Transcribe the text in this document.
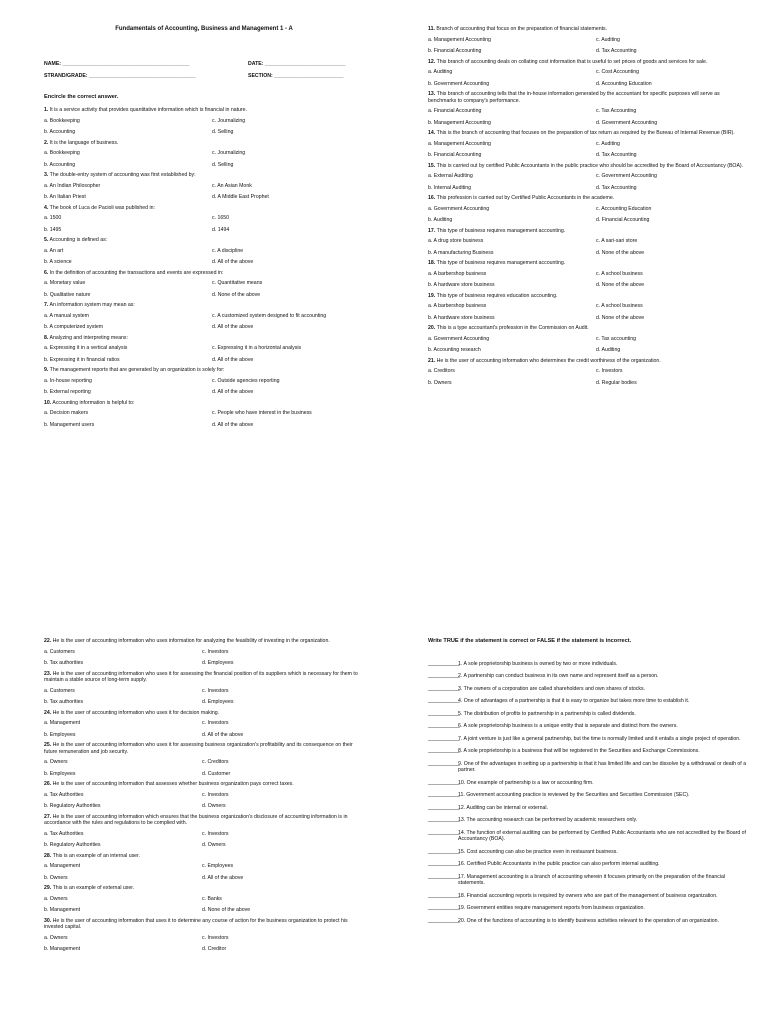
Fundamentals of Accounting, Business and Management 1 - A
NAME: ____________________________________________	DATE: ____________________________
STRAND/GRADE: _____________________________________	SECTION: ________________________
Encircle the correct answer.
1. It is a service activity that provides quantitative information which is financial in nature.
a. Bookkeeping	c. Journalizing
b. Accounting	d. Selling
2. It is the language of business.
a. Bookkeeping	c. Journalizing
b. Accounting	d. Selling
3. The double-entry system of accounting was first established by:
a. An Indian Philosopher	c. An Asian Monk
b. An Italian Priest	d. A Middle East Prophet
4. The book of Luca de Pacioli was published in:
a. 1500	c. 1650
b. 1495	d. 1494
5. Accounting is defined as:
a. An art	c. A discipline
b. A science	d. All of the above
6. In the definition of accounting the transactions and events are expressed in:
a. Monetary value	c. Quantitative means
b. Qualitative nature	d. None of the above
7. An information system may mean as:
a. A manual system	c. A customized system designed to fit accounting
b. A computerized system	d. All of the above
8. Analyzing and interpreting means:
a. Expressing it in a vertical analysis	c. Expressing it in a horizontal analysis
b. Expressing it in financial ratios	d. All of the above
9. The management reports that are generated by an organization is solely for:
a. In-house reporting	c. Outside agencies reporting
b. External reporting	d. All of the above
10. Accounting information is helpful to:
a. Decision makers	c. People who have interest in the business
b. Management users	d. All of the above
11. Branch of accounting that focus on the preparation of financial statements.
a. Management Accounting	c. Auditing
b. Financial Accounting	d. Tax Accounting
12. This branch of accounting deals on collating cost information that is useful to set prices of goods and services for sale.
a. Auditing	c. Cost Accounting
b. Government Accounting	d. Accounting Education
13. This branch of accounting tells that the in-house information generated by the accountant for specific purposes will serve as benchmarks to company's performance.
a. Financial Accounting	c. Tax Accounting
b. Management Accounting	d. Government Accounting
14. This is the branch of accounting that focuses on the preparation of tax return as required by the Bureau of Internal Revenue (BIR).
a. Management Accounting	c. Auditing
b. Financial Accounting	d. Tax Accounting
15. This is carried out by certified Public Accountants in the public practice who should be accredited by the Board of Accountancy (BOA).
a. External Auditing	c. Government Accounting
b. Internal Auditing	d. Tax Accounting
16. This profession is carried out by Certified Public Accountants in the academe.
a. Government Accounting	c. Accounting Education
b. Auditing	d. Financial Accounting
17. This type of business requires management accounting.
a. A drug store business	c. A sari-sari store
b. A manufacturing Business	d. None of the above
18. This type of business requires management accounting.
a. A barbershop business	c. A school business
b. A hardware store business	d. None of the above
19. This type of business requires education accounting.
a. A barbershop business	c. A school business
b. A hardware store business	d. None of the above
20. This is a type accountant's profession in the Commission on Audit.
a. Government Accounting	c. Tax accounting
b. Accounting research	d. Auditing
21. He is the user of accounting information who determines the credit worthiness of the organization.
a. Creditors	c. Investors
b. Owners	d. Regular bodies
22. He is the user of accounting information who uses information for analyzing the feasibility of investing in the organization.
a. Customers	c. Investors
b. Tax authorities	d. Employees
23. He is the user of accounting information who uses it for assessing the financial position of its suppliers which is necessary for them to maintain a stable source of long-term supply.
a. Customers	c. Investors
b. Tax authorities	d. Employees
24. He is the user of accounting information who uses it for decision making.
a. Management	c. Investors
b. Employees	d. All of the above
25. He is the user of accounting information who uses it for assessing business organization's profitability and its consequence on their future remuneration and job security.
a. Owners	c. Creditors
b. Employees	d. Customer
26. He is the user of accounting information that assesses whether business organization pays correct taxes.
a. Tax Authorities	c. Investors
b. Regulatory Authorities	d. Owners
27. He is the user of accounting information which ensures that the business organization's disclosure of accounting information is in accordance with the rules and regulations to be complied with.
a. Tax Authorities	c. Investors
b. Regulatory Authorities	d. Owners
28. This is an example of an internal user.
a. Management	c. Employees
b. Owners	d. All of the above
29. This is an example of external user.
a. Owners	c. Banks
b. Management	d. None of the above
30. He is the user of accounting information that uses it to determine any course of action for the business organization to protect his invested capital.
a. Owners	c. Investors
b. Management	d. Creditor
Write TRUE if the statement is correct or FALSE if the statement is incorrect.
___________
1. A sole proprietorship business is owned by two or more individuals.
___________
2. A partnership can conduct business in its own name and represent itself as a person.
___________
3. The owners of a corporation are called shareholders and own shares of stocks.
___________
4. One of advantages of a partnership is that it is easy to organize but takes more time to establish it.
___________
5. The distribution of profits to partnership in a partnership is called dividends.
___________
6. A sole proprietorship business is a unique entity that is separate and distinct from the owners.
___________
7. A joint venture is just like a general partnership, but the time is normally limited and it entails a single project of operation.
___________
8. A sole proprietorship is a business that will be registered in the Securities and Exchange Commissions.
___________
9. One of the advantages in setting up a partnership is that it has limited life and can be dissolve by a withdrawal or death of a partner.
___________
10. One example of partnership is a law or accounting firm.
___________
11. Government accounting practice is reviewed by the Securities and Securities Commission (SEC).
___________
12. Auditing can be internal or external.
___________
13. The accounting research can be performed by academic researchers only.
___________
14. The function of external auditing can be performed by Certified Public Accountants who are not accredited by the Board of Accountancy (BOA).
___________
15. Cost accounting can also be practice even in restaurant business.
___________
16. Certified Public Accountants in the public practice can also perform internal auditing.
___________
17. Management accounting is a branch of accounting wherein it focuses primarily on the preparation of the financial statements.
___________
18. Financial accounting reports is required by owners who are part of the management of business organization.
___________
19. Government entities require management reports from business organization.
___________
20. One of the functions of accounting is to identify business activities relevant to the operation of an organization.
